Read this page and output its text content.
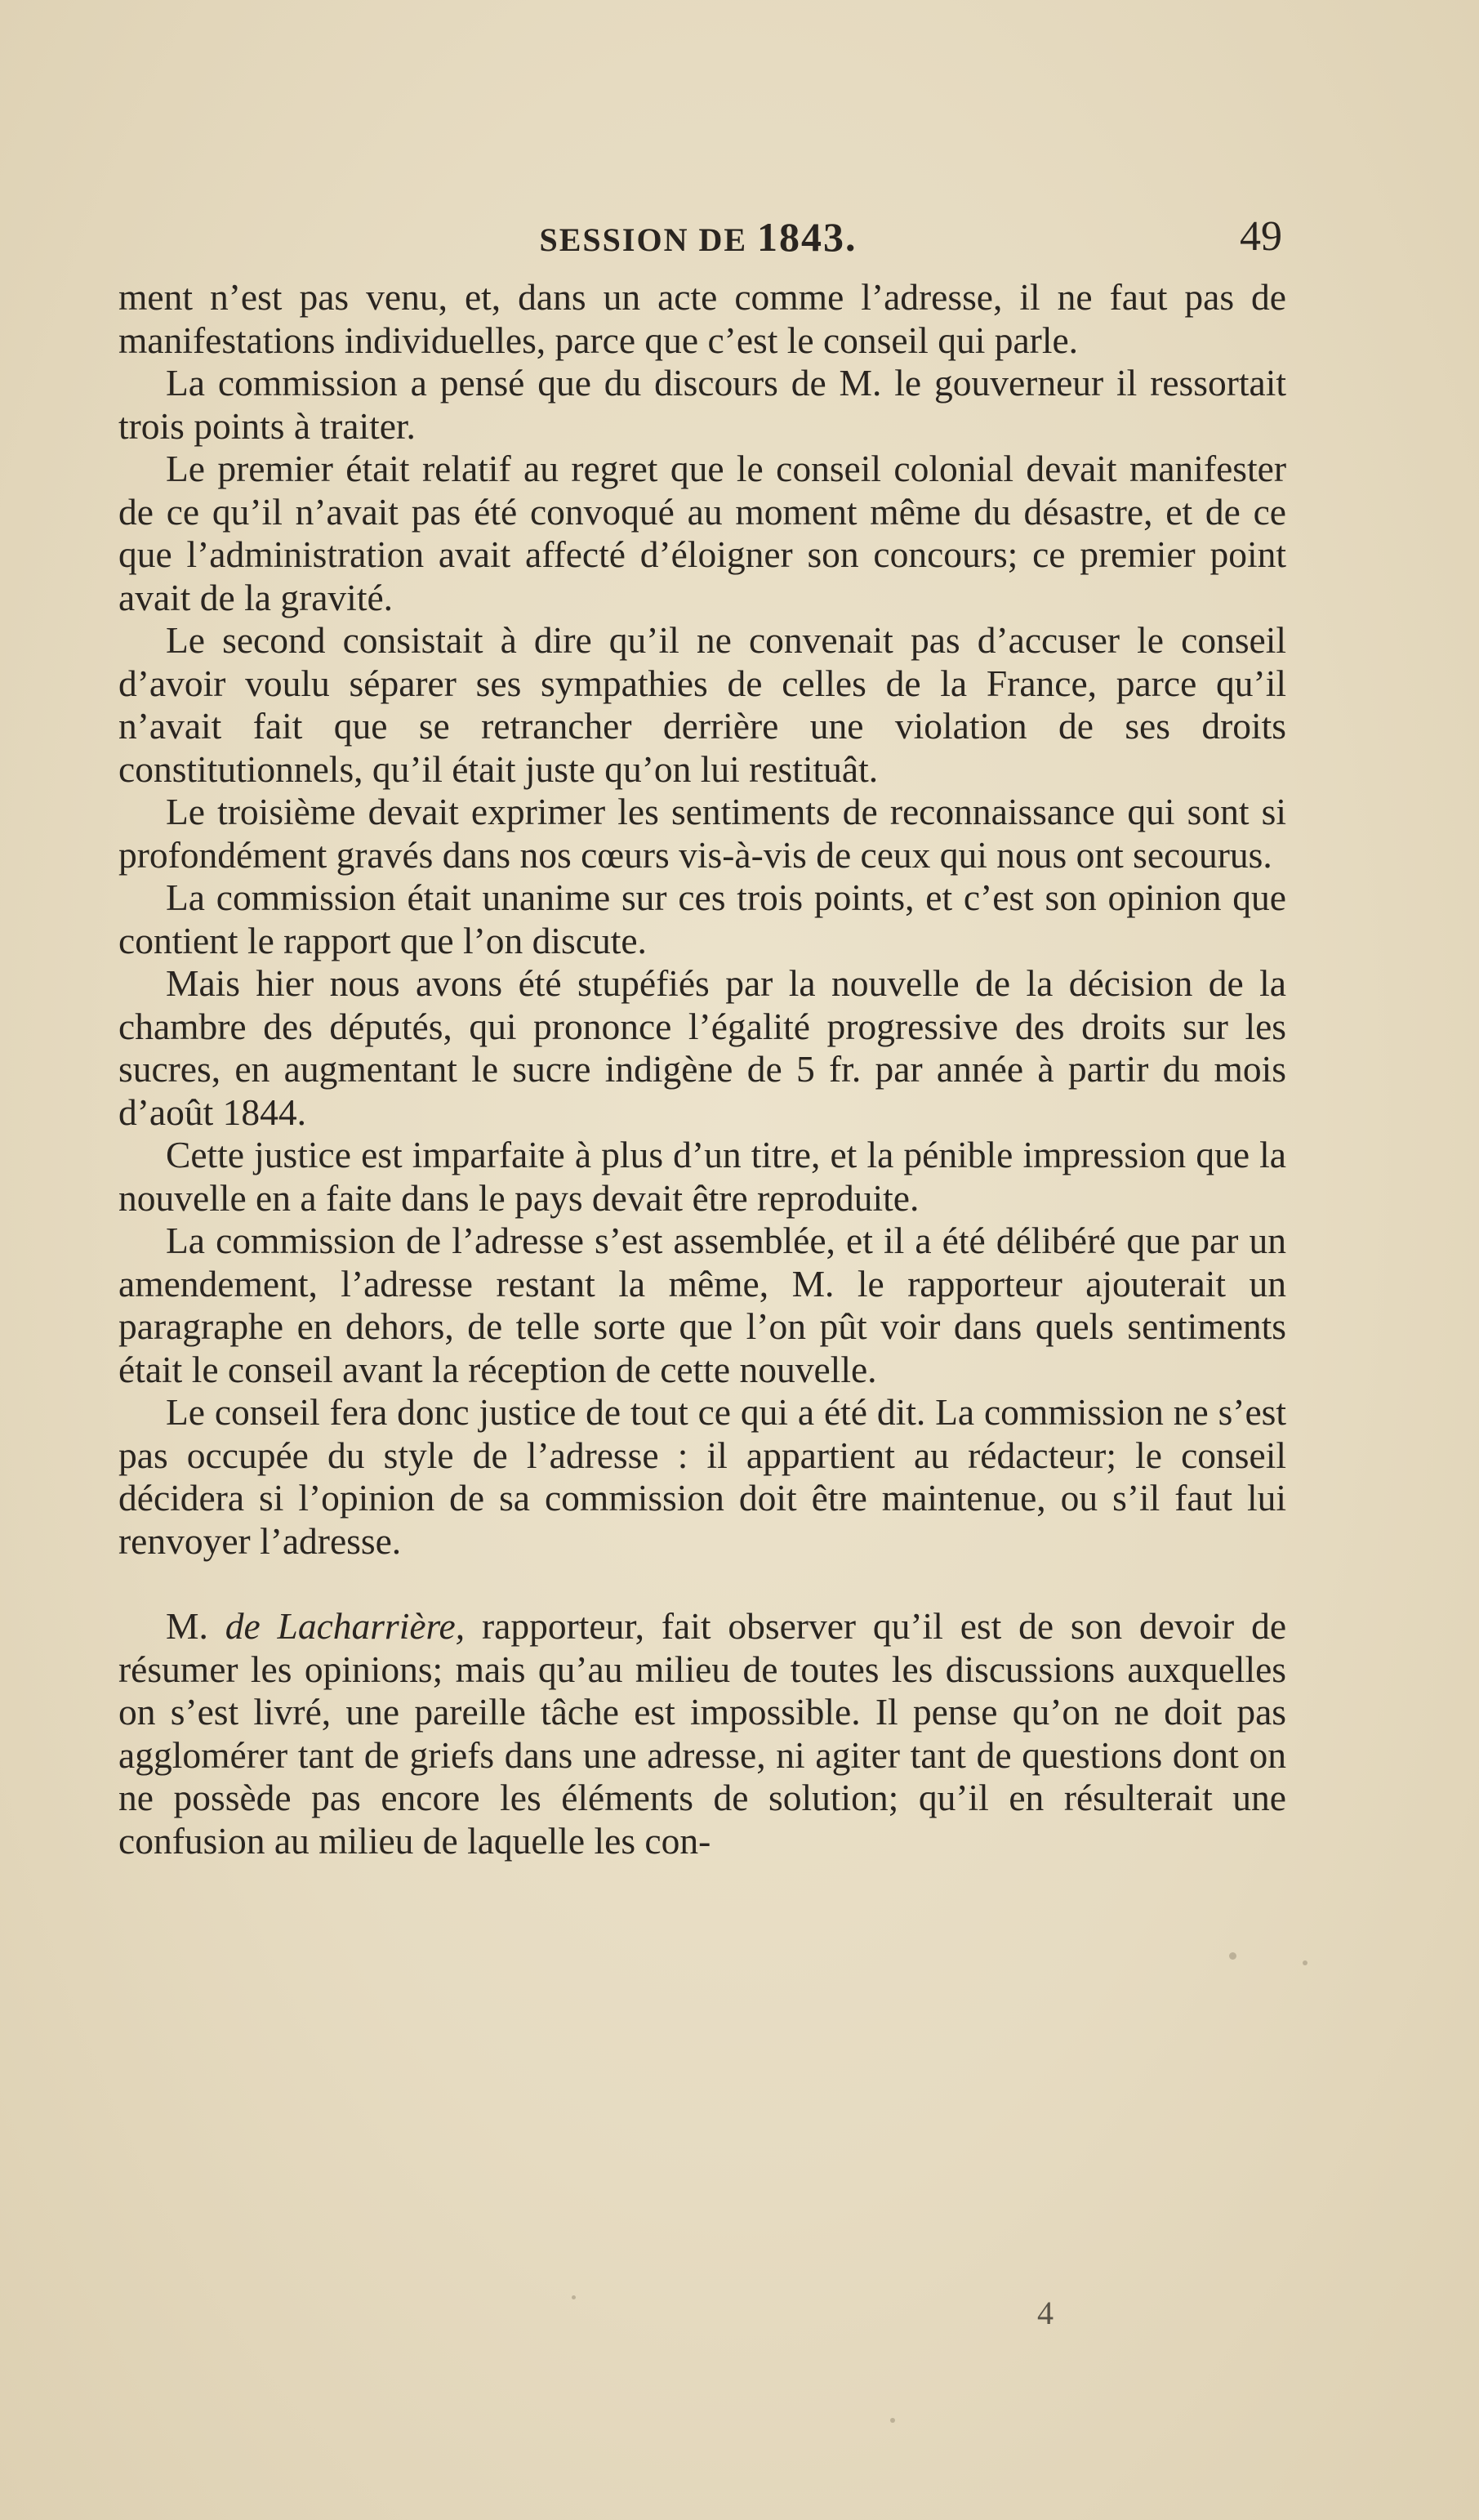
SESSION DE 1843.	49

ment n’est pas venu, et, dans un acte comme l’adresse, il ne faut pas de manifestations individuelles, parce que c’est le conseil qui parle.

La commission a pensé que du discours de M. le gouverneur il ressortait trois points à traiter.

Le premier était relatif au regret que le conseil colonial devait manifester de ce qu’il n’avait pas été convoqué au moment même du désastre, et de ce que l’administration avait affecté d’éloigner son concours; ce premier point avait de la gravité.

Le second consistait à dire qu’il ne convenait pas d’accuser le conseil d’avoir voulu séparer ses sympathies de celles de la France, parce qu’il n’avait fait que se retrancher derrière une violation de ses droits constitutionnels, qu’il était juste qu’on lui restituât.

Le troisième devait exprimer les sentiments de reconnaissance qui sont si profondément gravés dans nos cœurs vis-à-vis de ceux qui nous ont secourus.

La commission était unanime sur ces trois points, et c’est son opinion que contient le rapport que l’on discute.

Mais hier nous avons été stupéfiés par la nouvelle de la décision de la chambre des députés, qui prononce l’égalité progressive des droits sur les sucres, en augmentant le sucre indigène de 5 fr. par année à partir du mois d’août 1844.

Cette justice est imparfaite à plus d’un titre, et la pénible impression que la nouvelle en a faite dans le pays devait être reproduite.

La commission de l’adresse s’est assemblée, et il a été délibéré que par un amendement, l’adresse restant la même, M. le rapporteur ajouterait un paragraphe en dehors, de telle sorte que l’on pût voir dans quels sentiments était le conseil avant la réception de cette nouvelle.

Le conseil fera donc justice de tout ce qui a été dit. La commission ne s’est pas occupée du style de l’adresse : il appartient au rédacteur; le conseil décidera si l’opinion de sa commission doit être maintenue, ou s’il faut lui renvoyer l’adresse.

M. de Lacharrière, rapporteur, fait observer qu’il est de son devoir de résumer les opinions; mais qu’au milieu de toutes les discussions auxquelles on s’est livré, une pareille tâche est impossible. Il pense qu’on ne doit pas agglomérer tant de griefs dans une adresse, ni agiter tant de questions dont on ne possède pas encore les éléments de solution; qu’il en résulterait une confusion au milieu de laquelle les con-

4
